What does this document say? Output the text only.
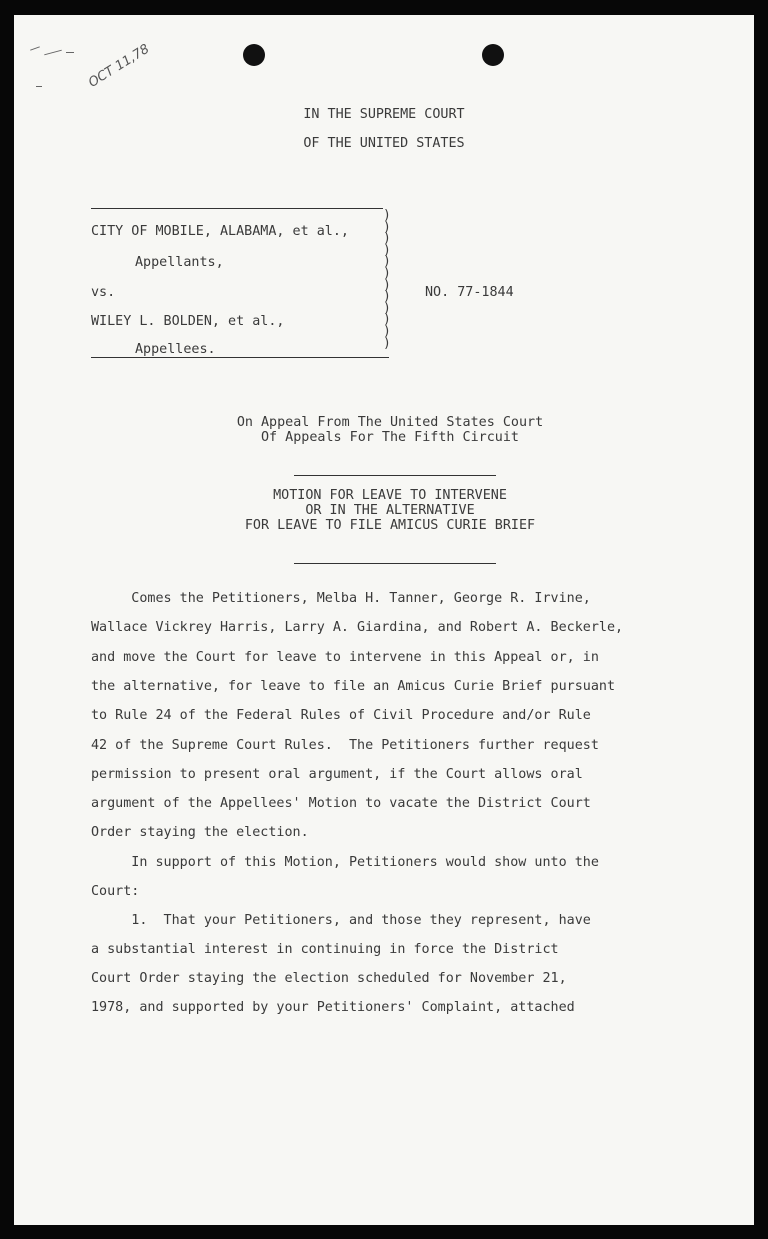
OCT 11,78
IN THE SUPREME COURT
OF THE UNITED STATES
CITY OF MOBILE, ALABAMA, et al.,
Appellants,
vs.
WILEY L. BOLDEN, et al.,
Appellees.
)
)
)
)
)
)
)
)
)
)
)
)
NO. 77-1844
On Appeal From The United States Court
Of Appeals For The Fifth Circuit
MOTION FOR LEAVE TO INTERVENE
OR IN THE ALTERNATIVE
FOR LEAVE TO FILE AMICUS CURIE BRIEF
Comes the Petitioners, Melba H. Tanner, George R. Irvine,
Wallace Vickrey Harris, Larry A. Giardina, and Robert A. Beckerle,
and move the Court for leave to intervene in this Appeal or, in
the alternative, for leave to file an Amicus Curie Brief pursuant
to Rule 24 of the Federal Rules of Civil Procedure and/or Rule
42 of the Supreme Court Rules.  The Petitioners further request
permission to present oral argument, if the Court allows oral
argument of the Appellees' Motion to vacate the District Court
Order staying the election.
In support of this Motion, Petitioners would show unto the
Court:
1.  That your Petitioners, and those they represent, have
a substantial interest in continuing in force the District
Court Order staying the election scheduled for November 21,
1978, and supported by your Petitioners' Complaint, attached
